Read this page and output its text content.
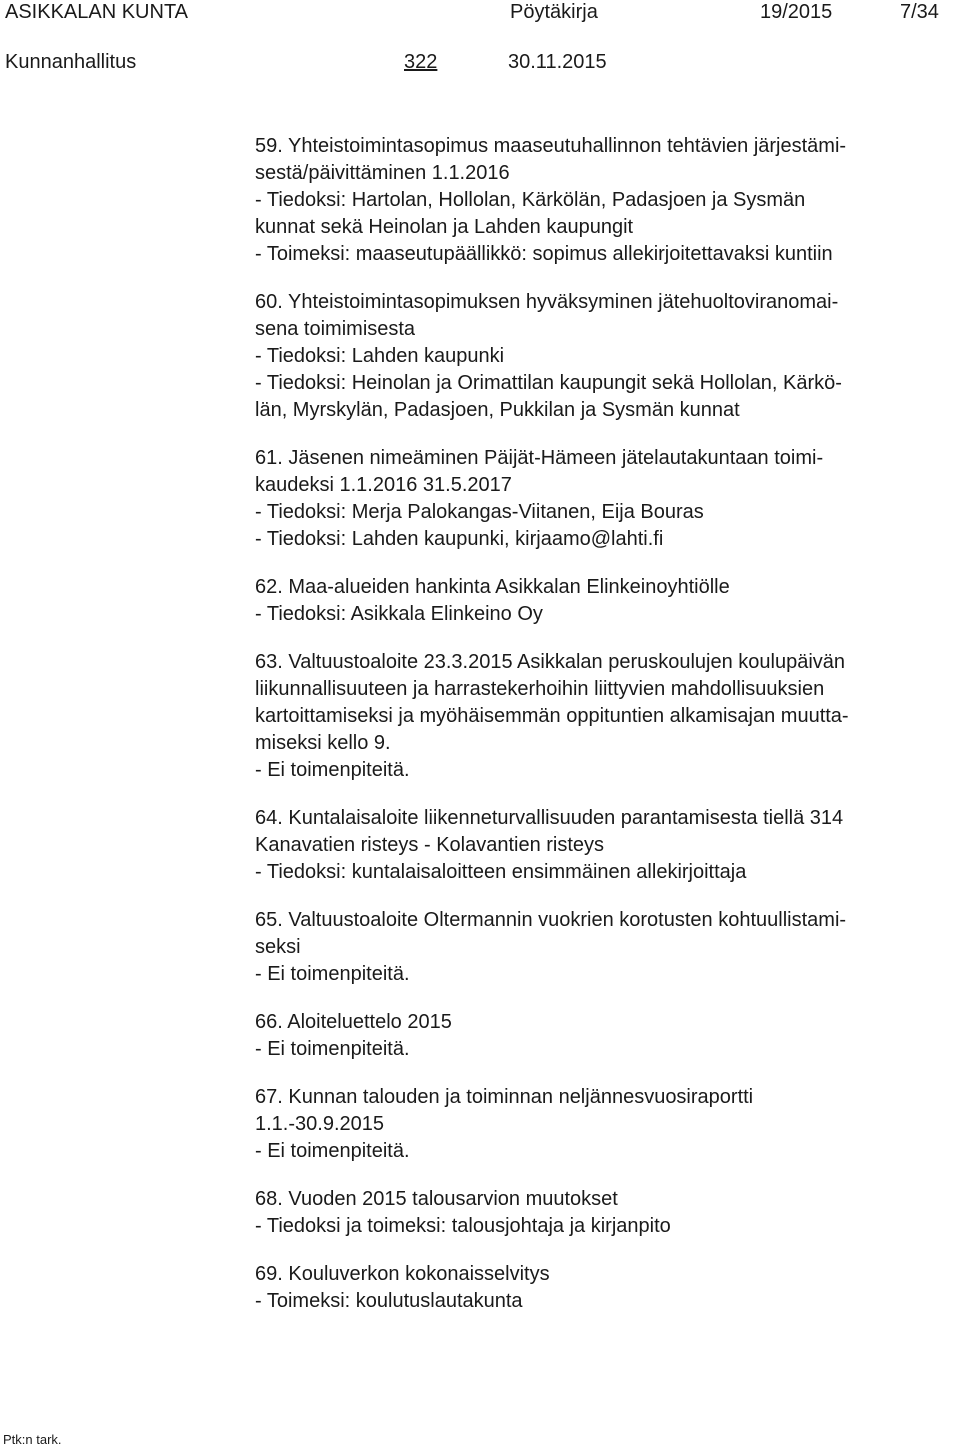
ASIKKALAN KUNTA	Pöytäkirja	19/2015	7/34
Kunnanhallitus	322	30.11.2015
59. Yhteistoimintasopimus maaseutuhallinnon tehtävien järjestämi-
sestä/päivittäminen 1.1.2016
- Tiedoksi: Hartolan, Hollolan, Kärkölän, Padasjoen ja Sysmän
kunnat sekä Heinolan ja Lahden kaupungit
- Toimeksi: maaseutupäällikkö: sopimus allekirjoitettavaksi kuntiin
60. Yhteistoimintasopimuksen hyväksyminen jätehuoltoviranomai-
sena toimimisesta
- Tiedoksi: Lahden kaupunki
- Tiedoksi: Heinolan ja Orimattilan kaupungit sekä Hollolan, Kärkö-
län, Myrskylän, Padasjoen, Pukkilan ja Sysmän kunnat
61. Jäsenen nimeäminen Päijät-Hämeen jätelautakuntaan toimi-
kaudeksi 1.1.2016 31.5.2017
- Tiedoksi: Merja Palokangas-Viitanen, Eija Bouras
- Tiedoksi: Lahden kaupunki, kirjaamo@lahti.fi
62. Maa-alueiden hankinta Asikkalan Elinkeinoyhtiölle
- Tiedoksi: Asikkala Elinkeino Oy
63. Valtuustoaloite 23.3.2015 Asikkalan peruskoulujen koulupäivän
liikunnallisuuteen ja harrastekerhoihin liittyvien mahdollisuuksien
kartoittamiseksi ja myöhäisemmän oppituntien alkamisajan muutta-
miseksi kello 9.
- Ei toimenpiteitä.
64. Kuntalaisaloite liikenneturvallisuuden parantamisesta tiellä 314
Kanavatien risteys - Kolavantien risteys
- Tiedoksi: kuntalaisaloitteen ensimmäinen allekirjoittaja
65. Valtuustoaloite Oltermannin vuokrien korotusten kohtuullistami-
seksi
- Ei toimenpiteitä.
66. Aloiteluettelo 2015
- Ei toimenpiteitä.
67. Kunnan talouden ja toiminnan neljännesvuosiraportti
1.1.-30.9.2015
- Ei toimenpiteitä.
68. Vuoden 2015 talousarvion muutokset
- Tiedoksi ja toimeksi: talousjohtaja ja kirjanpito
69. Kouluverkon kokonaisselvitys
- Toimeksi: koulutuslautakunta
Ptk:n tark.
